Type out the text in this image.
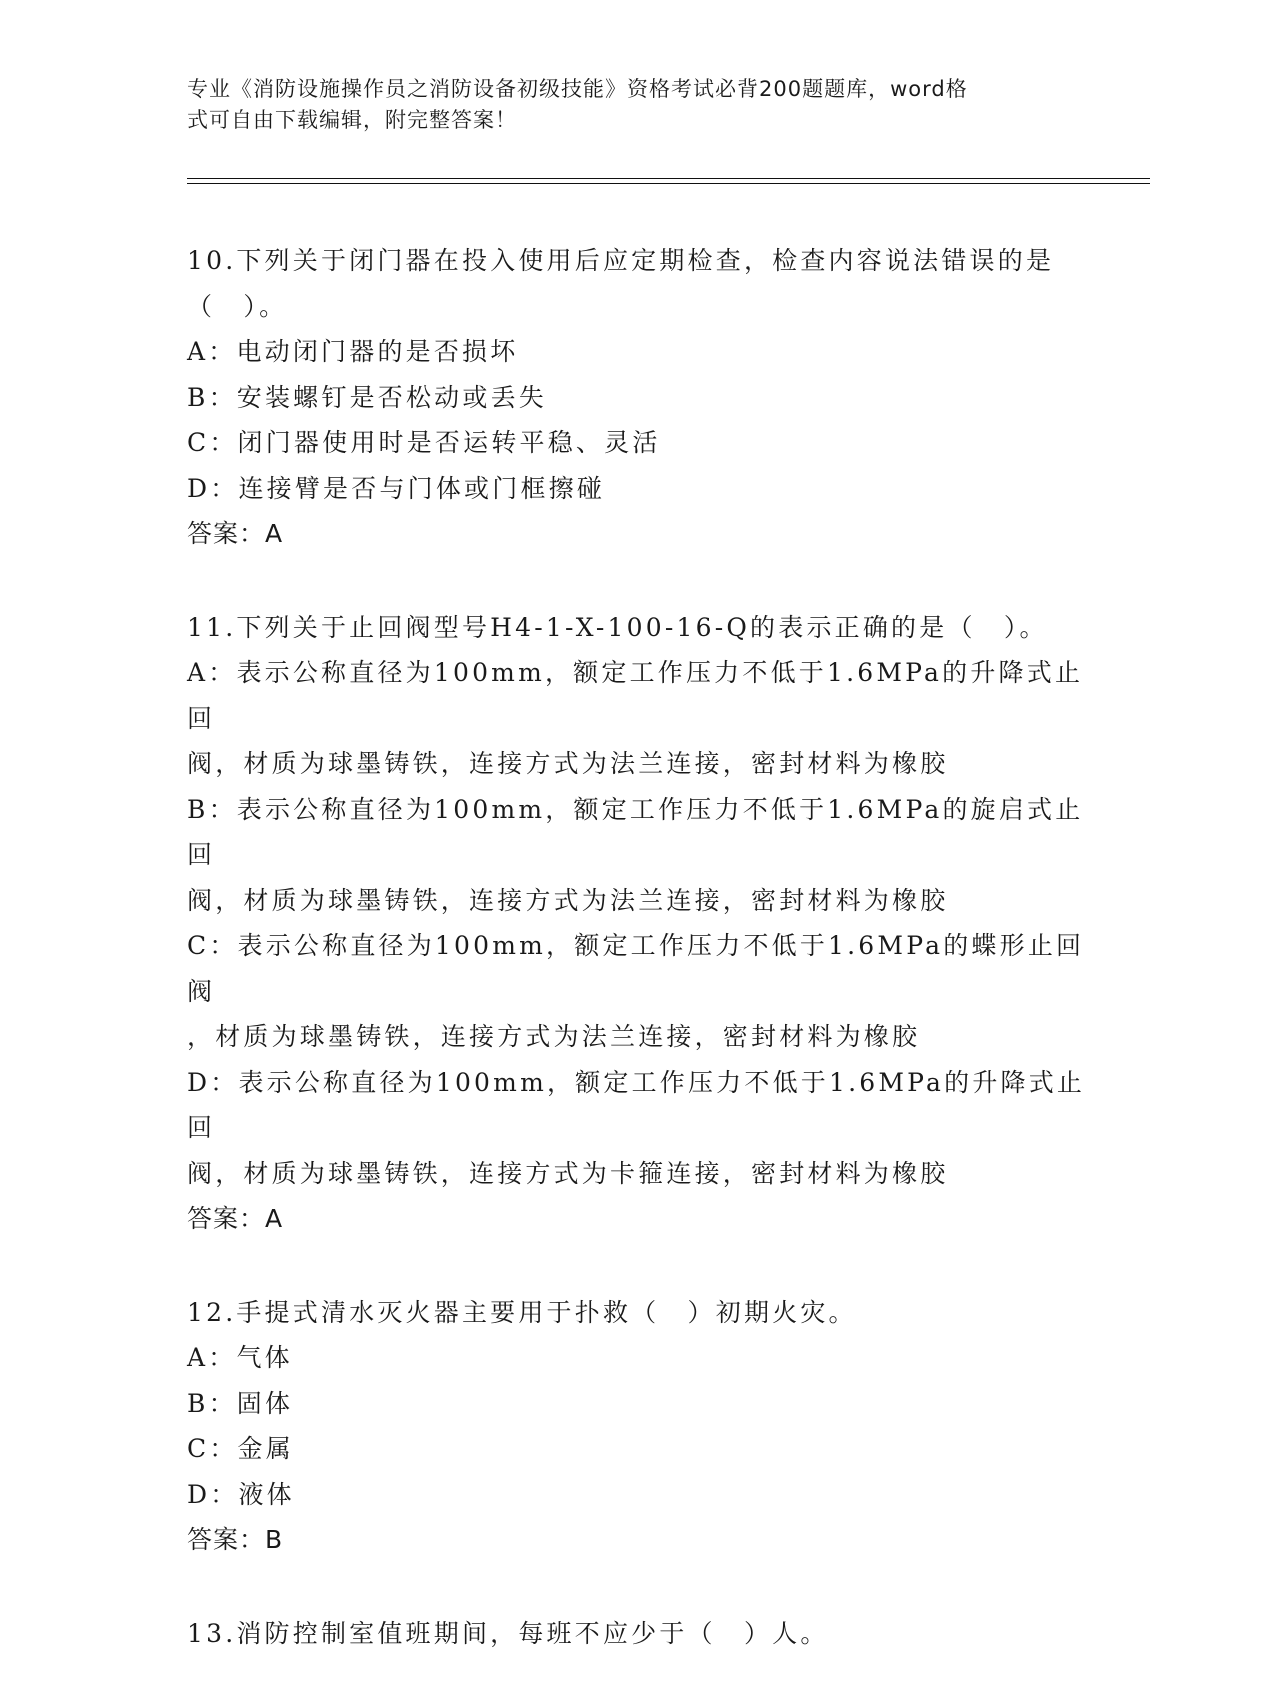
专业《消防设施操作员之消防设备初级技能》资格考试必背200题题库，word格
式可自由下载编辑，附完整答案！
10.下列关于闭门器在投入使用后应定期检查，检查内容说法错误的是
（　）。
A：电动闭门器的是否损坏
B：安装螺钉是否松动或丢失
C：闭门器使用时是否运转平稳、灵活
D：连接臂是否与门体或门框擦碰
答案：A
11.下列关于止回阀型号H4-1-X-100-16-Q的表示正确的是（　）。
A：表示公称直径为100mm，额定工作压力不低于1.6MPa的升降式止回
阀，材质为球墨铸铁，连接方式为法兰连接，密封材料为橡胶
B：表示公称直径为100mm，额定工作压力不低于1.6MPa的旋启式止回
阀，材质为球墨铸铁，连接方式为法兰连接，密封材料为橡胶
C：表示公称直径为100mm，额定工作压力不低于1.6MPa的蝶形止回阀
，材质为球墨铸铁，连接方式为法兰连接，密封材料为橡胶
D：表示公称直径为100mm，额定工作压力不低于1.6MPa的升降式止回
阀，材质为球墨铸铁，连接方式为卡箍连接，密封材料为橡胶
答案：A
12.手提式清水灭火器主要用于扑救（　）初期火灾。
A：气体
B：固体
C：金属
D：液体
答案：B
13.消防控制室值班期间，每班不应少于（　）人。
